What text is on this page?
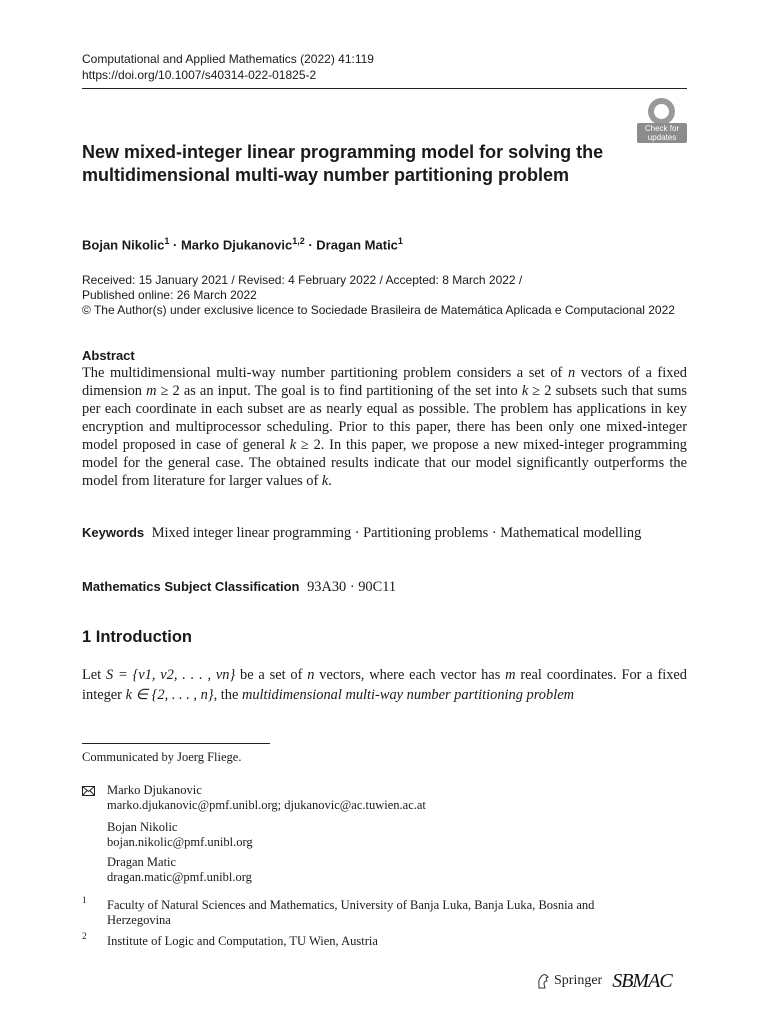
Computational and Applied Mathematics (2022) 41:119
https://doi.org/10.1007/s40314-022-01825-2
Check for
updates
New mixed-integer linear programming model for solving the multidimensional multi-way number partitioning problem
Bojan Nikolic$^1$ · Marko Djukanovic$^{1,2}$ · Dragan Matic$^1$
Received: 15 January 2021 / Revised: 4 February 2022 / Accepted: 8 March 2022 /
Published online: 26 March 2022
© The Author(s) under exclusive licence to Sociedade Brasileira de Matemática Aplicada e Computacional 2022
Abstract
The multidimensional multi-way number partitioning problem considers a set of n vectors of a fixed dimension m ≥ 2 as an input. The goal is to find partitioning of the set into k ≥ 2 subsets such that sums per each coordinate in each subset are as nearly equal as possible. The problem has applications in key encryption and multiprocessor scheduling. Prior to this paper, there has been only one mixed-integer model proposed in case of general k ≥ 2. In this paper, we propose a new mixed-integer programming model for the general case. The obtained results indicate that our model significantly outperforms the model from literature for larger values of k.
Keywords Mixed integer linear programming · Partitioning problems · Mathematical modelling
Mathematics Subject Classification 93A30 · 90C11
1 Introduction
Let S = {v1, v2, . . . , vn} be a set of n vectors, where each vector has m real coordinates. For a fixed integer k ∈ {2, . . . , n}, the multidimensional multi-way number partitioning problem
Communicated by Joerg Fliege.
Marko Djukanovic
marko.djukanovic@pmf.unibl.org; djukanovic@ac.tuwien.ac.at
Bojan Nikolic
bojan.nikolic@pmf.unibl.org
Dragan Matic
dragan.matic@pmf.unibl.org
1 Faculty of Natural Sciences and Mathematics, University of Banja Luka, Banja Luka, Bosnia and
Herzegovina
2 Institute of Logic and Computation, TU Wien, Austria
Springer SBMAC
